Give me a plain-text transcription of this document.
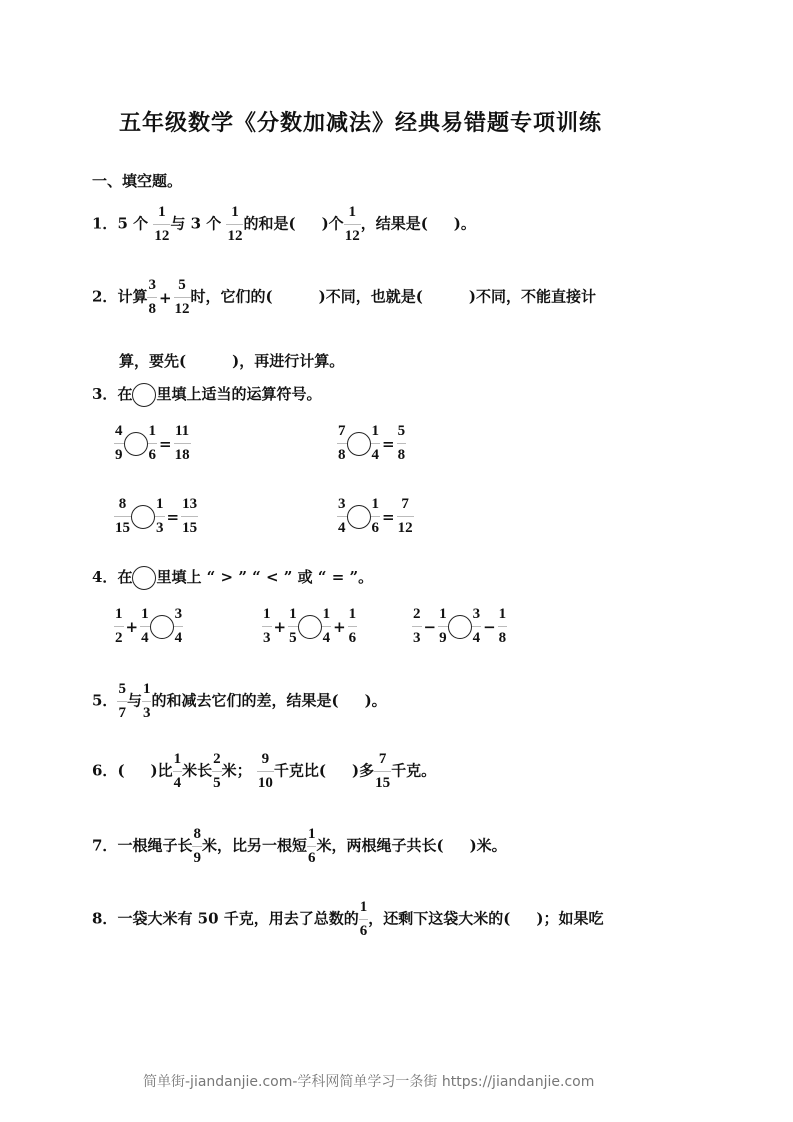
五年级数学《分数加减法》经典易错题专项训练
一、填空题。
1．5 个 $\frac{1}{12}$ 与 3 个 $\frac{1}{12}$ 的和是( )个 $\frac{1}{12}$ ，结果是( )。
2．计算 $\frac{3}{8} + \frac{5}{12}$ 时，它们的(	)不同，也就是(	)不同，不能直接计
算，要先(	)，再进行计算。
3．在 里填上适当的运算符号。
$\frac{4}{9} \frac{1}{6} = \frac{11}{18}$	$\frac{7}{8} \frac{1}{4} = \frac{5}{8}$
$\frac{8}{15} \frac{1}{3} = \frac{13}{15}$	$\frac{3}{4} \frac{1}{6} = \frac{7}{12}$
4．在 里填上 “ > ” “ < ” 或 “ = ”。
$\frac{1}{2} + \frac{1}{4} \frac{3}{4}$	$\frac{1}{3} + \frac{1}{5} \frac{1}{4} + \frac{1}{6}$	$\frac{2}{3} - \frac{1}{9} \frac{3}{4} - \frac{1}{8}$
5． $\frac{5}{7}$ 与 $\frac{1}{3}$ 的和减去它们的差，结果是( )。
6．( )比 $\frac{1}{4}$ 米长 $\frac{2}{5}$ 米； $\frac{9}{10}$ 千克比( )多 $\frac{7}{15}$ 千克。
7．一根绳子长 $\frac{8}{9}$ 米，比另一根短 $\frac{1}{6}$ 米，两根绳子共长( )米。
8．一袋大米有 50 千克，用去了总数的 $\frac{1}{6}$ ，还剩下这袋大米的( )；如果吃
简单街-jiandanjie.com-学科网简单学习一条街 https://jiandanjie.com
